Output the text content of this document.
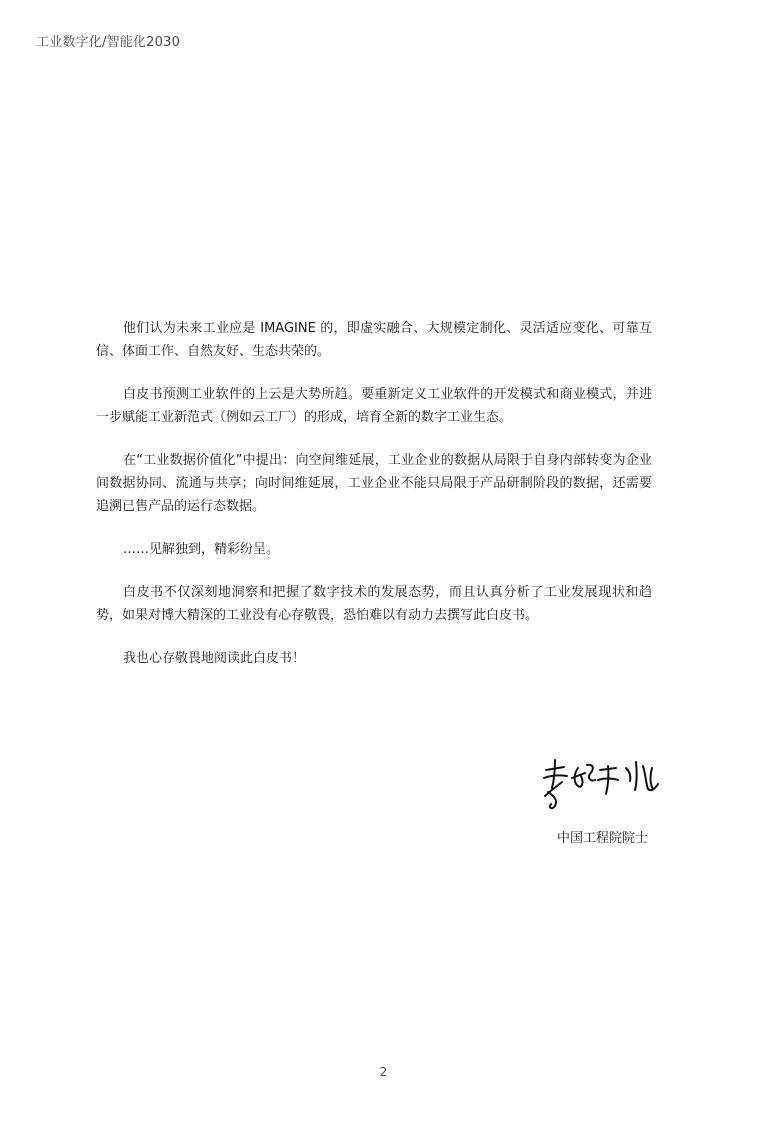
工业数字化/智能化2030

他们认为未来工业应是 IMAGINE 的，即虚实融合、大规模定制化、灵活适应变化、可靠互信、体面工作、自然友好、生态共荣的。

白皮书预测工业软件的上云是大势所趋。要重新定义工业软件的开发模式和商业模式，并进一步赋能工业新范式（例如云工厂）的形成，培育全新的数字工业生态。

在“工业数据价值化”中提出：向空间维延展，工业企业的数据从局限于自身内部转变为企业间数据协同、流通与共享；向时间维延展，工业企业不能只局限于产品研制阶段的数据，还需要追溯已售产品的运行态数据。

……见解独到，精彩纷呈。

白皮书不仅深刻地洞察和把握了数字技术的发展态势，而且认真分析了工业发展现状和趋势，如果对博大精深的工业没有心存敬畏，恐怕难以有动力去撰写此白皮书。

我也心存敬畏地阅读此白皮书！

中国工程院院士
2
